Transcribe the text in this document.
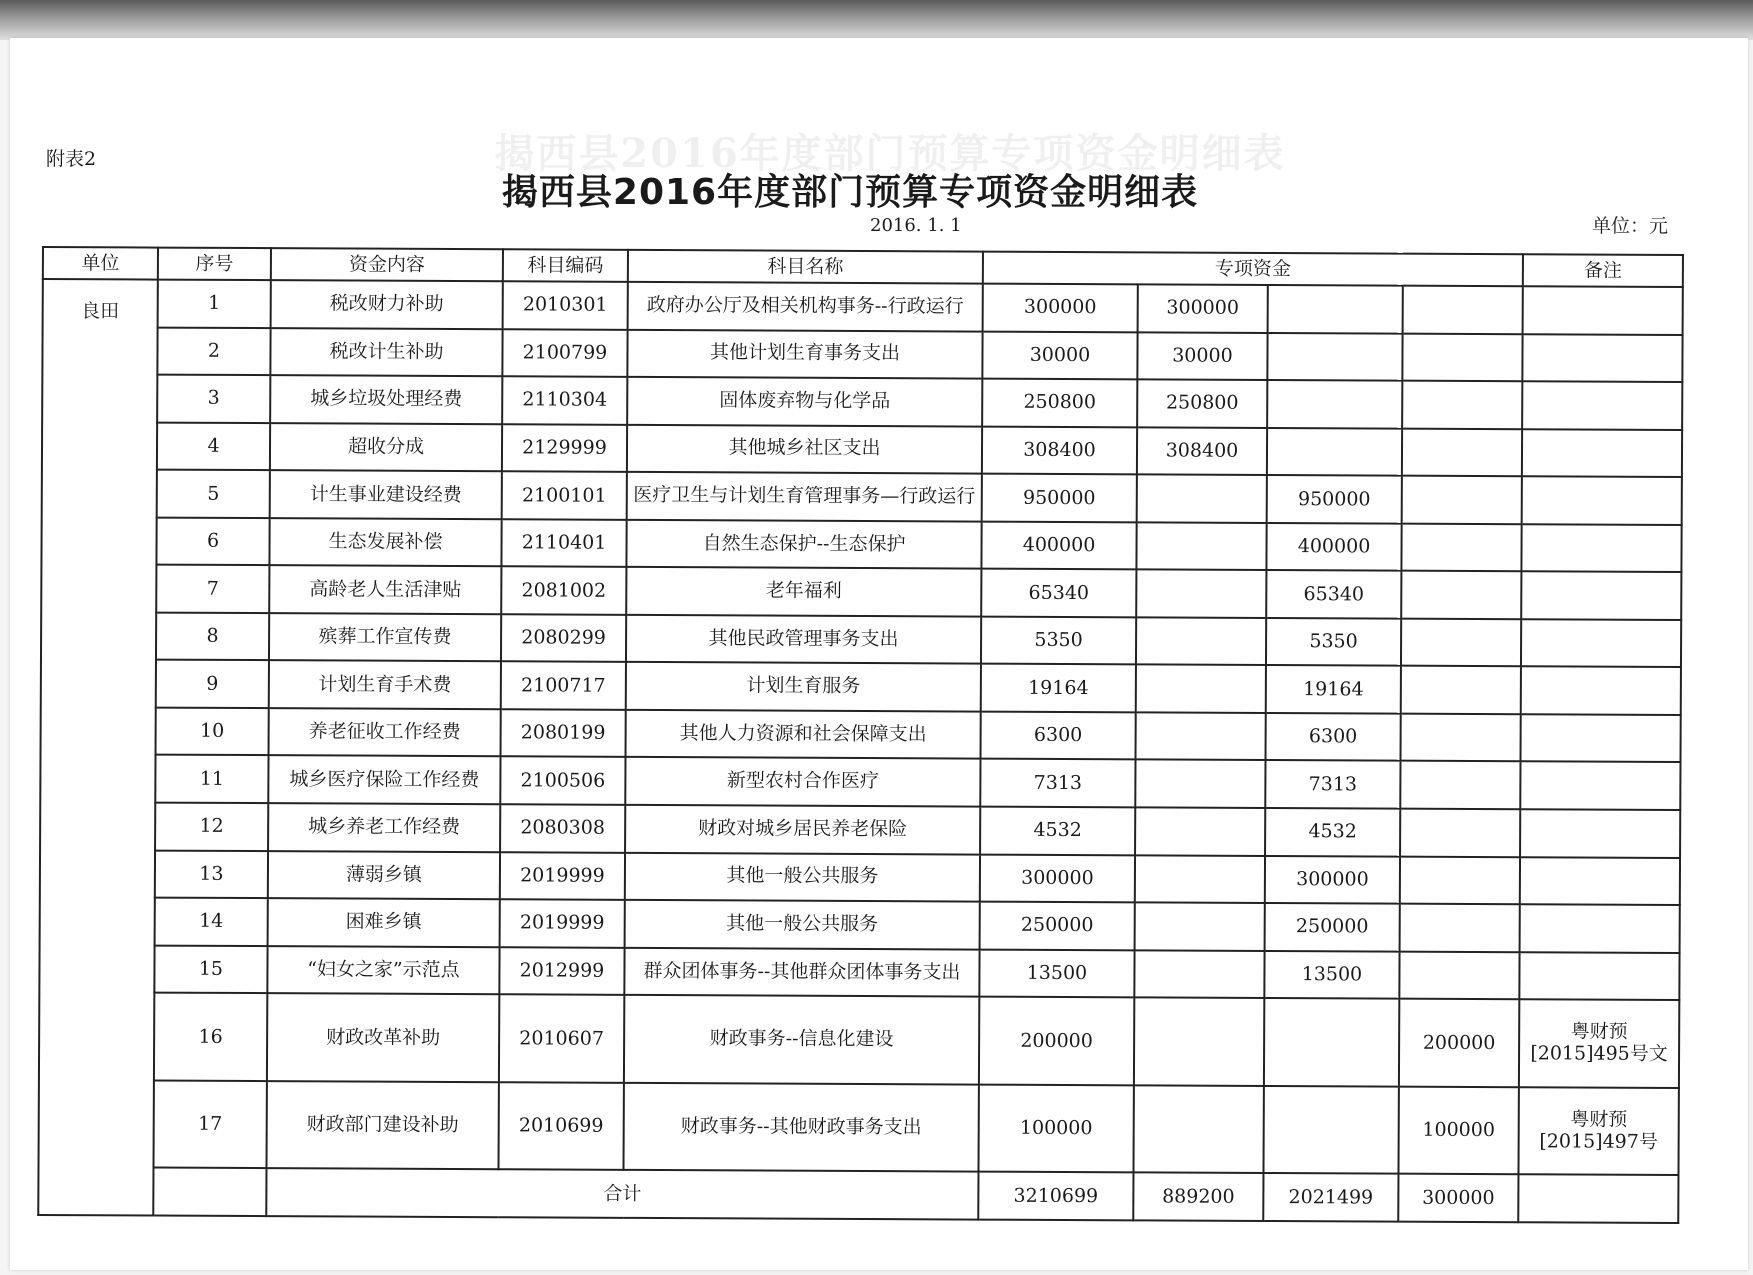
揭西县2016年度部门预算专项资金明细表
附表2
揭西县2016年度部门预算专项资金明细表
2016. 1. 1	单位：元
单位	序号	资金内容	科目编码	科目名称	专项资金				备注
良田	1	税改财力补助	2010301	政府办公厅及相关机构事务--行政运行	300000	300000			
	2	税改计生补助	2100799	其他计划生育事务支出	30000	30000			
	3	城乡垃圾处理经费	2110304	固体废弃物与化学品	250800	250800			
	4	超收分成	2129999	其他城乡社区支出	308400	308400			
	5	计生事业建设经费	2100101	医疗卫生与计划生育管理事务—行政运行	950000		950000		
	6	生态发展补偿	2110401	自然生态保护--生态保护	400000		400000		
	7	高龄老人生活津贴	2081002	老年福利	65340		65340		
	8	殡葬工作宣传费	2080299	其他民政管理事务支出	5350		5350		
	9	计划生育手术费	2100717	计划生育服务	19164		19164		
	10	养老征收工作经费	2080199	其他人力资源和社会保障支出	6300		6300		
	11	城乡医疗保险工作经费	2100506	新型农村合作医疗	7313		7313		
	12	城乡养老工作经费	2080308	财政对城乡居民养老保险	4532		4532		
	13	薄弱乡镇	2019999	其他一般公共服务	300000		300000		
	14	困难乡镇	2019999	其他一般公共服务	250000		250000		
	15	“妇女之家”示范点	2012999	群众团体事务--其他群众团体事务支出	13500		13500		
	16	财政改革补助	2010607	财政事务--信息化建设	200000			200000	粤财预[2015]495号文
	17	财政部门建设补助	2010699	财政事务--其他财政事务支出	100000			100000	粤财预[2015]497号
		合计			3210699	889200	2021499	300000	
